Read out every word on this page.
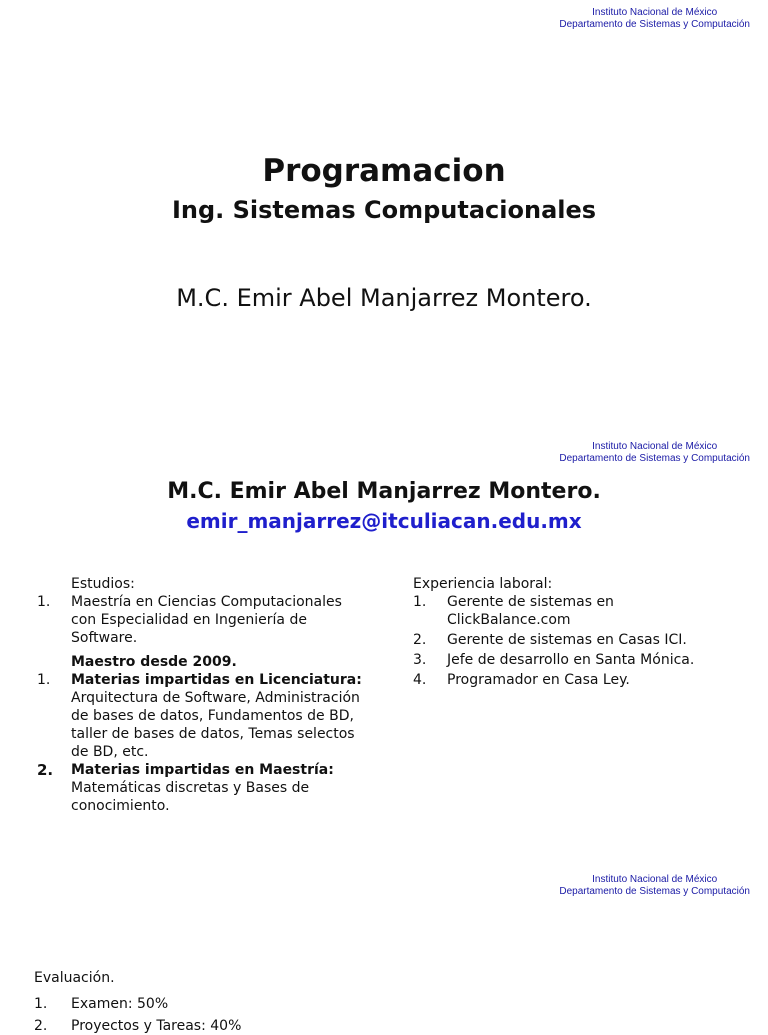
Instituto Nacional de México
Departamento de Sistemas y Computación
Programacion
Ing. Sistemas Computacionales
M.C. Emir Abel Manjarrez Montero.
Instituto Nacional de México
Departamento de Sistemas y Computación
M.C. Emir Abel Manjarrez Montero.
emir_manjarrez@itculiacan.edu.mx
Estudios:
1.	Maestría en Ciencias Computacionales con Especialidad en Ingeniería de Software.
Maestro desde 2009.
1.	Materias impartidas en Licenciatura: Arquitectura de Software, Administración de bases de datos, Fundamentos de BD, taller de bases de datos, Temas selectos de BD, etc.
2.	Materias impartidas en Maestría: Matemáticas discretas y Bases de conocimiento.
Experiencia laboral:
1.	Gerente de sistemas en ClickBalance.com
2.	Gerente de sistemas en Casas ICI.
3.	Jefe de desarrollo en Santa Mónica.
4.	Programador en Casa Ley.
Instituto Nacional de México
Departamento de Sistemas y Computación
Evaluación.
1.	Examen: 50%
2.	Proyectos y Tareas: 40%
